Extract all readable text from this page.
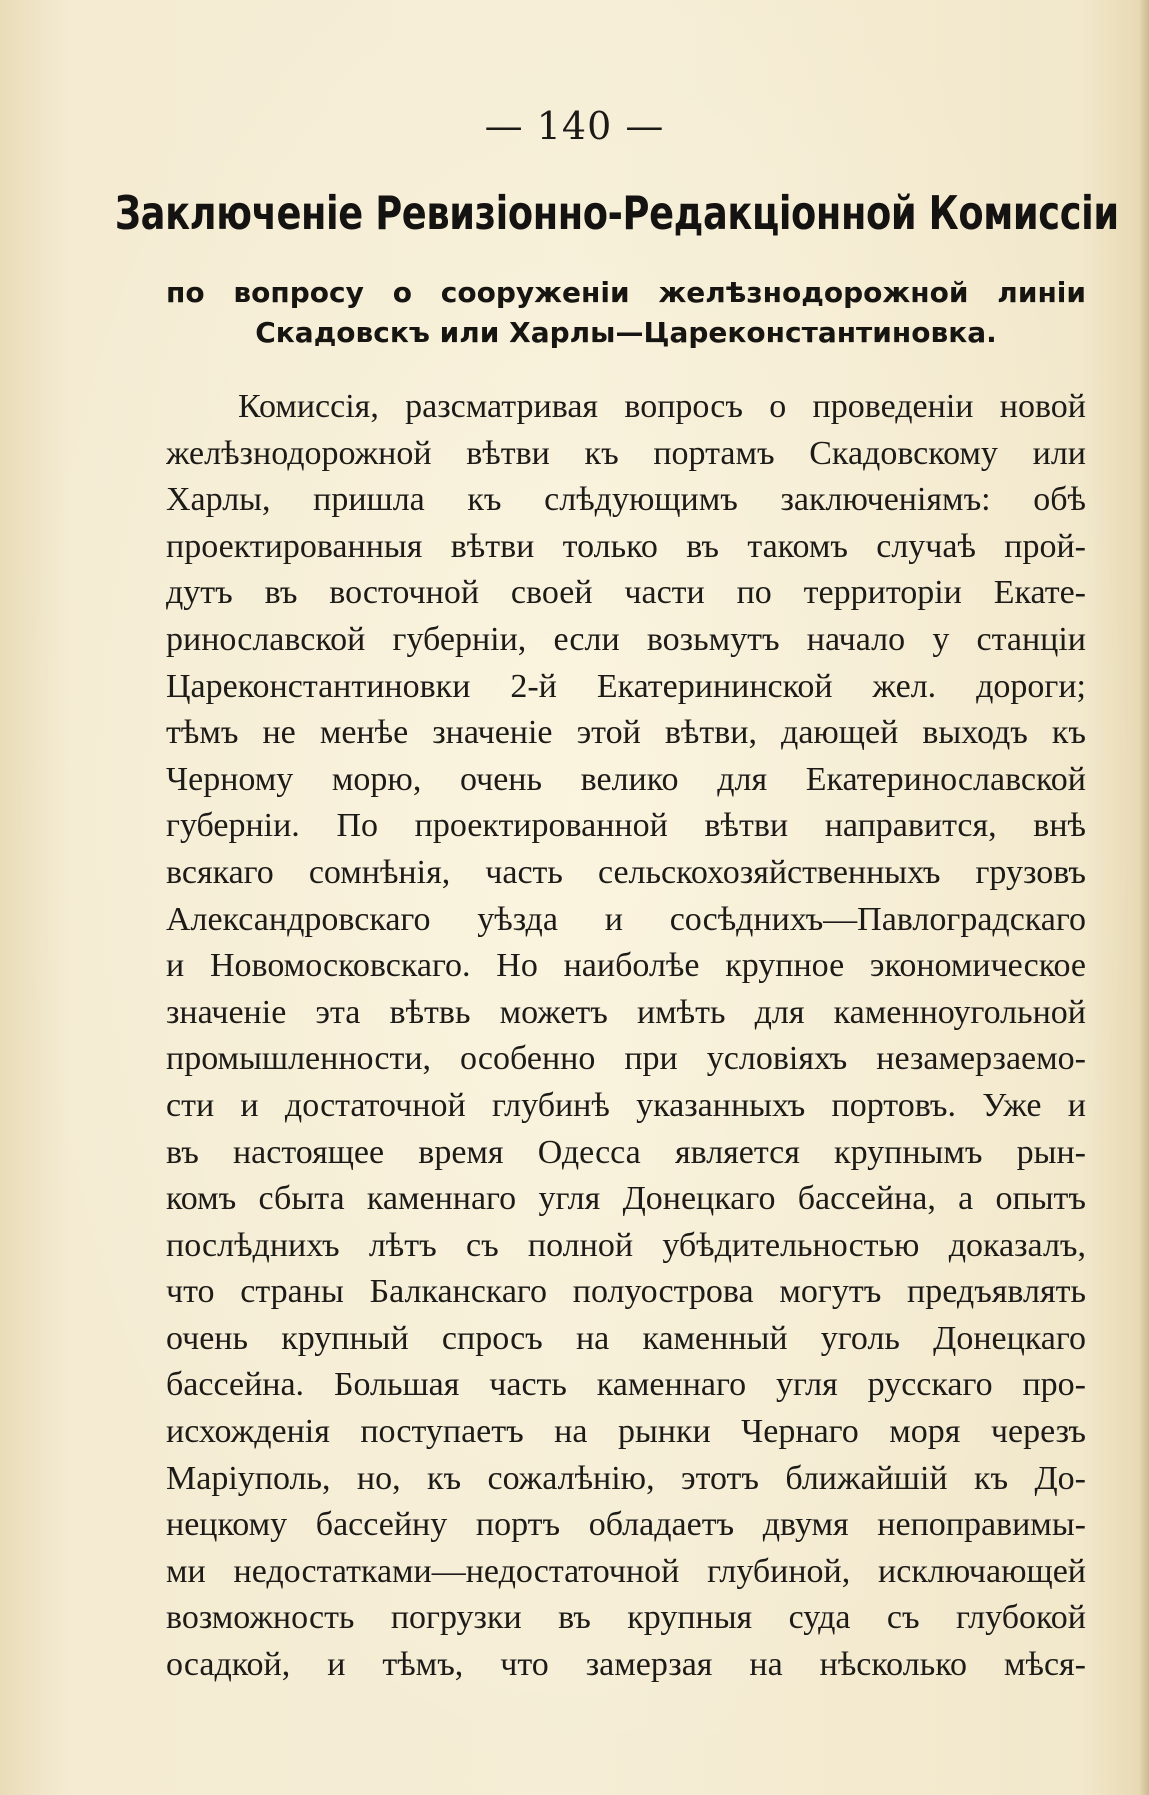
— 140 —
Заключеніе Ревизіонно-Редакціонной Комиссіи
по вопросу о сооруженіи желѣзнодорожной линіи
Скадовскъ или Харлы—Цареконстантиновка.
Комиссія, разсматривая вопросъ о проведеніи новой
желѣзнодорожной вѣтви къ портамъ Скадовскому или
Харлы, пришла къ слѣдующимъ заключеніямъ: обѣ
проектированныя вѣтви только въ такомъ случаѣ прой-
дутъ въ восточной своей части по территоріи Екате-
ринославской губерніи, если возьмутъ начало у станціи
Цареконстантиновки 2-й Екатерининской жел. дороги;
тѣмъ не менѣе значеніе этой вѣтви, дающей выходъ къ
Черному морю, очень велико для Екатеринославской
губерніи. По проектированной вѣтви направится, внѣ
всякаго сомнѣнія, часть сельскохозяйственныхъ грузовъ
Александровскаго уѣзда и сосѣднихъ—Павлоградскаго
и Новомосковскаго. Но наиболѣе крупное экономическое
значеніе эта вѣтвь можетъ имѣть для каменноугольной
промышленности, особенно при условіяхъ незамерзаемо-
сти и достаточной глубинѣ указанныхъ портовъ. Уже и
въ настоящее время Одесса является крупнымъ рын-
комъ сбыта каменнаго угля Донецкаго бассейна, а опытъ
послѣднихъ лѣтъ съ полной убѣдительностью доказалъ,
что страны Балканскаго полуострова могутъ предъявлять
очень крупный спросъ на каменный уголь Донецкаго
бассейна. Большая часть каменнаго угля русскаго про-
исхожденія поступаетъ на рынки Чернаго моря черезъ
Маріуполь, но, къ сожалѣнію, этотъ ближайшій къ До-
нецкому бассейну портъ обладаетъ двумя непоправимы-
ми недостатками—недостаточной глубиной, исключающей
возможность погрузки въ крупныя суда съ глубокой
осадкой, и тѣмъ, что замерзая на нѣсколько мѣся-
